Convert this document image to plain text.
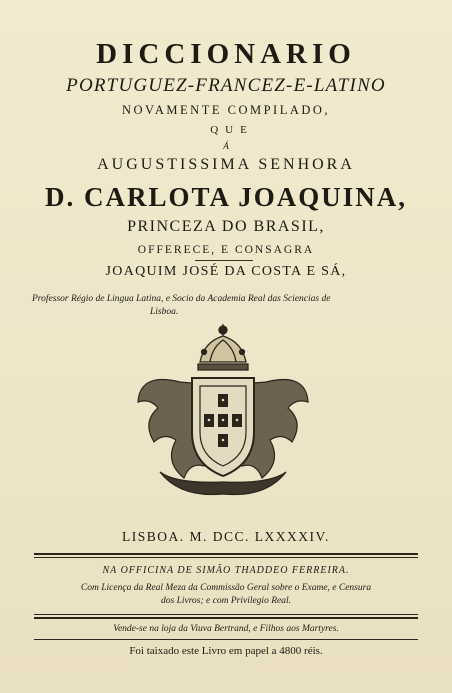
DICCIONARIO
PORTUGUEZ-FRANCEZ-E-LATINO
NOVAMENTE COMPILADO,
QUE
Á
AUGUSTISSIMA SENHORA
D. CARLOTA JOAQUINA,
PRINCEZA DO BRASIL,
OFFERECE, E CONSAGRA
JOAQUIM JOSÉ DA COSTA E SÁ,
Professor Régio de Lingua Latina, e Socio da Academia Real das Sciencias de
Lisboa.
LISBOA. M. DCC. LXXXXIV.
NA OFFICINA DE SIMÃO THADDEO FERREIRA.
Com Licença da Real Meza da Commissão Geral sobre o Exame, e Censura
dos Livros; e com Privilegio Real.
Vende-se na loja da Viuva Bertrand, e Filhos aos Martyres.
Foi taixado este Livro em papel a 4800 réis.
